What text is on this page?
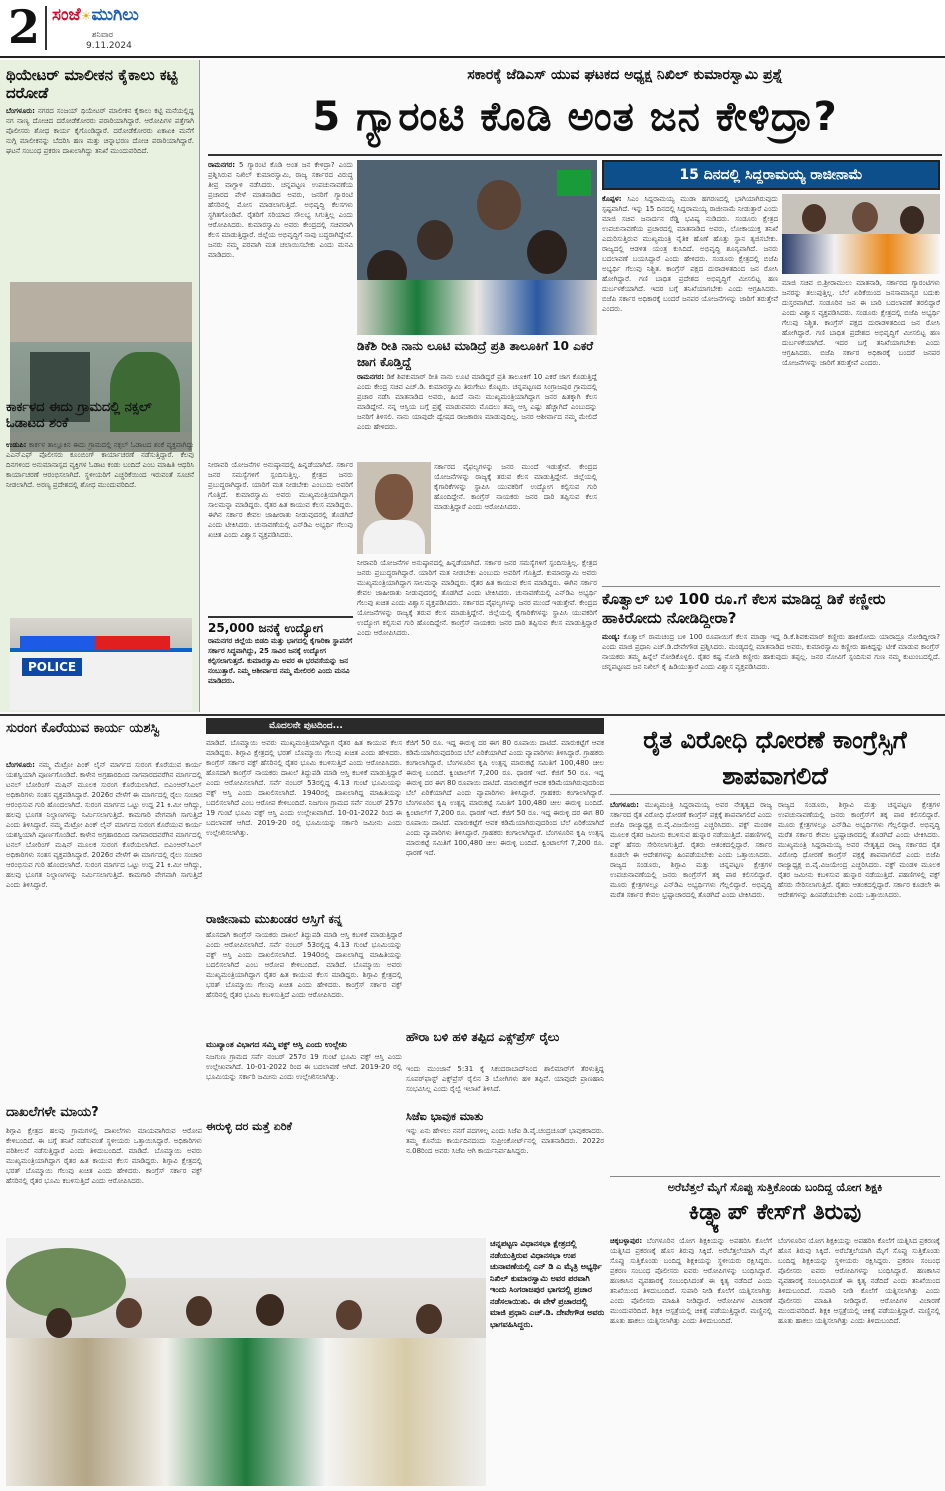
2 ಸಂಜೆ☀ಮುಗಿಲು
ಶನಿವಾರ
9.11.2024
ಥಿಯೇಟರ್ ಮಾಲೀಕನ ಕೈಕಾಲು ಕಟ್ಟಿ ದರೋಡೆ
ಬೆಂಗಳೂರು: ನಗರದ ಸಂಜಯ್ ಥಿಯೇಟರ್ ಮಾಲೀಕನ ಕೈಕಾಲು ಕಟ್ಟಿ ಮನೆಯಲ್ಲಿದ್ದ ನಗ ನಾಣ್ಯ ದೋಚಿದ ದರೋಡೆಕೋರರು ಪರಾರಿಯಾಗಿದ್ದಾರೆ. ಆರೋಪಿಗಳ ಪತ್ತೆಗಾಗಿ ಪೊಲೀಸರು ಶೋಧ ಕಾರ್ಯ ಕೈಗೊಂಡಿದ್ದಾರೆ. ದರೋಡೆಕೋರರು ಏಕಾಏಕಿ ಮನೆಗೆ ನುಗ್ಗಿ ಮಾಲೀಕನನ್ನು ಬೆದರಿಸಿ ಹಣ ಮತ್ತು ಚಿನ್ನಾಭರಣ ದೋಚಿ ಪರಾರಿಯಾಗಿದ್ದಾರೆ. ಘಟನೆ ಸಂಬಂಧ ಪ್ರಕರಣ ದಾಖಲಾಗಿದ್ದು ತನಿಖೆ ಮುಂದುವರಿದಿದೆ.
ಕಾರ್ಕಳದ ಈದು ಗ್ರಾಮದಲ್ಲಿ ನಕ್ಸಲ್ ಓಡಾಟದ ಶಂಕೆ
ಉಡುಪಿ: ಕಾರ್ಕಳ ತಾಲ್ಲೂಕಿನ ಈದು ಗ್ರಾಮದಲ್ಲಿ ನಕ್ಸಲ್ ಓಡಾಟದ ಶಂಕೆ ವ್ಯಕ್ತವಾಗಿದ್ದು ಎಎನ್‌ಎಫ್ ಪೊಲೀಸರು ಕೂಂಬಿಂಗ್ ಕಾರ್ಯಾಚರಣೆ ನಡೆಸುತ್ತಿದ್ದಾರೆ. ಕೆಲವು ದಿನಗಳಿಂದ ಅನುಮಾನಾಸ್ಪದ ವ್ಯಕ್ತಿಗಳ ಓಡಾಟ ಕಂಡು ಬಂದಿದೆ ಎಂಬ ಮಾಹಿತಿ ಆಧರಿಸಿ ಕಾರ್ಯಾಚರಣೆ ಆರಂಭಿಸಲಾಗಿದೆ. ಸ್ಥಳೀಯರಿಗೆ ಎಚ್ಚರಿಕೆಯಿಂದ ಇರುವಂತೆ ಸೂಚನೆ ನೀಡಲಾಗಿದೆ. ಅರಣ್ಯ ಪ್ರದೇಶದಲ್ಲಿ ಶೋಧ ಮುಂದುವರಿದಿದೆ.
POLICE
ಸಕಾರಕ್ಕೆ ಜೆಡಿಎಸ್ ಯುವ ಘಟಕದ ಅಧ್ಯಕ್ಷ ನಿಖಿಲ್ ಕುಮಾರಸ್ವಾಮಿ ಪ್ರಶ್ನೆ
5 ಗ್ಯಾರಂಟಿ ಕೊಡಿ ಅಂತ ಜನ ಕೇಳಿದ್ರಾ?
ರಾಮನಗರ: 5 ಗ್ಯಾರಂಟಿ ಕೊಡಿ ಅಂತ ಜನ ಕೇಳಿದ್ರಾ? ಎಂದು ಪ್ರಶ್ನಿಸಿರುವ ನಿಖಿಲ್ ಕುಮಾರಸ್ವಾಮಿ, ರಾಜ್ಯ ಸರ್ಕಾರದ ವಿರುದ್ಧ ತೀವ್ರ ವಾಗ್ದಾಳಿ ನಡೆಸಿದರು. ಚನ್ನಪಟ್ಟಣ ಉಪಚುನಾವಣೆಯ ಪ್ರಚಾರದ ವೇಳೆ ಮಾತನಾಡಿದ ಅವರು, ಜನರಿಗೆ ಗ್ಯಾರಂಟಿ ಹೆಸರಿನಲ್ಲಿ ಮೋಸ ಮಾಡಲಾಗುತ್ತಿದೆ. ಅಭಿವೃದ್ಧಿ ಕೆಲಸಗಳು ಸ್ಥಗಿತಗೊಂಡಿವೆ. ರೈತರಿಗೆ ಸರಿಯಾದ ಸೌಲಭ್ಯ ಸಿಗುತ್ತಿಲ್ಲ ಎಂದು ಆರೋಪಿಸಿದರು. ಕುಮಾರಸ್ವಾಮಿ ಅವರು ಕೇಂದ್ರದಲ್ಲಿ ಸಚಿವರಾಗಿ ಕೆಲಸ ಮಾಡುತ್ತಿದ್ದಾರೆ. ಜಿಲ್ಲೆಯ ಅಭಿವೃದ್ಧಿಗೆ ನಾವು ಬದ್ಧರಾಗಿದ್ದೇವೆ. ಜನರು ನಮ್ಮ ಪರವಾಗಿ ಮತ ಚಲಾಯಿಸಬೇಕು ಎಂದು ಮನವಿ ಮಾಡಿದರು.
ಡಿಕೆಶಿ ರೀತಿ ನಾನು ಲೂಟಿ ಮಾಡಿದ್ರೆ ಪ್ರತಿ ತಾಲೂಕಿಗೆ 10 ಎಕರೆ ಜಾಗ ಕೊಡ್ತಿದ್ದೆ
ರಾಮನಗರ: ಡಿಕೆ ಶಿವಕುಮಾರ್ ರೀತಿ ನಾನು ಲೂಟಿ ಮಾಡಿದ್ದರೆ ಪ್ರತಿ ತಾಲೂಕಿಗೆ 10 ಎಕರೆ ಜಾಗ ಕೊಡುತ್ತಿದ್ದೆ ಎಂದು ಕೇಂದ್ರ ಸಚಿವ ಎಚ್.ಡಿ. ಕುಮಾರಸ್ವಾಮಿ ತಿರುಗೇಟು ಕೊಟ್ಟರು. ಚನ್ನಪಟ್ಟಣದ ಸಿಂಗ್ರಾಜಪುರ ಗ್ರಾಮದಲ್ಲಿ ಪ್ರಚಾರ ನಡೆಸಿ ಮಾತನಾಡಿದ ಅವರು, ಹಿಂದೆ ನಾನು ಮುಖ್ಯಮಂತ್ರಿಯಾಗಿದ್ದಾಗ ಜನರ ಹಿತಕ್ಕಾಗಿ ಕೆಲಸ ಮಾಡಿದ್ದೇನೆ. ನನ್ನ ಆಸ್ತಿಯ ಬಗ್ಗೆ ಪ್ರಶ್ನೆ ಮಾಡುವವರು ಮೊದಲು ತಮ್ಮ ಆಸ್ತಿ ಎಷ್ಟು ಹೆಚ್ಚಾಗಿದೆ ಎಂಬುದನ್ನು ಜನರಿಗೆ ತಿಳಿಸಲಿ. ನಾನು ಯಾವುದೇ ದ್ವೇಷದ ರಾಜಕಾರಣ ಮಾಡುವುದಿಲ್ಲ. ಜನರ ಆಶೀರ್ವಾದ ನಮ್ಮ ಮೇಲಿದೆ ಎಂದು ಹೇಳಿದರು.
ನೀರಾವರಿ ಯೋಜನೆಗಳ ಅನುಷ್ಠಾನದಲ್ಲಿ ಹಿನ್ನಡೆಯಾಗಿದೆ. ಸರ್ಕಾರ ಜನರ ಸಮಸ್ಯೆಗಳಿಗೆ ಸ್ಪಂದಿಸುತ್ತಿಲ್ಲ. ಕ್ಷೇತ್ರದ ಜನರು ಪ್ರಬುದ್ಧರಾಗಿದ್ದಾರೆ. ಯಾರಿಗೆ ಮತ ನೀಡಬೇಕು ಎಂಬುದು ಅವರಿಗೆ ಗೊತ್ತಿದೆ. ಕುಮಾರಸ್ವಾಮಿ ಅವರು ಮುಖ್ಯಮಂತ್ರಿಯಾಗಿದ್ದಾಗ ಸಾಲಮನ್ನಾ ಮಾಡಿದ್ದರು. ರೈತರ ಹಿತ ಕಾಯುವ ಕೆಲಸ ಮಾಡಿದ್ದರು. ಈಗಿನ ಸರ್ಕಾರ ಕೇವಲ ಜಾಹೀರಾತು ನೀಡುವುದರಲ್ಲಿ ತೊಡಗಿದೆ ಎಂದು ಟೀಕಿಸಿದರು. ಚುನಾವಣೆಯಲ್ಲಿ ಎನ್‌ಡಿಎ ಅಭ್ಯರ್ಥಿ ಗೆಲುವು ಖಚಿತ ಎಂದು ವಿಶ್ವಾಸ ವ್ಯಕ್ತಪಡಿಸಿದರು.
ಸರ್ಕಾರದ ವೈಫಲ್ಯಗಳನ್ನು ಜನರ ಮುಂದೆ ಇಡುತ್ತೇವೆ. ಕೇಂದ್ರದ ಯೋಜನೆಗಳನ್ನು ರಾಜ್ಯಕ್ಕೆ ತರುವ ಕೆಲಸ ಮಾಡುತ್ತಿದ್ದೇನೆ. ಜಿಲ್ಲೆಯಲ್ಲಿ ಕೈಗಾರಿಕೆಗಳನ್ನು ಸ್ಥಾಪಿಸಿ ಯುವಕರಿಗೆ ಉದ್ಯೋಗ ಕಲ್ಪಿಸುವ ಗುರಿ ಹೊಂದಿದ್ದೇನೆ. ಕಾಂಗ್ರೆಸ್ ನಾಯಕರು ಜನರ ದಾರಿ ತಪ್ಪಿಸುವ ಕೆಲಸ ಮಾಡುತ್ತಿದ್ದಾರೆ ಎಂದು ಆರೋಪಿಸಿದರು.
25,000 ಜನಕ್ಕೆ ಉದ್ಯೋಗ
ರಾಮನಗರ ಜಿಲ್ಲೆಯ ಬಿಡದಿ ಮತ್ತು ಭಾಗದಲ್ಲಿ ಕೈಗಾರಿಕಾ ಸ್ಥಾಪನೆಗೆ ಸರ್ಕಾರ ಸಿದ್ಧವಾಗಿದ್ದು, 25 ಸಾವಿರ ಜನಕ್ಕೆ ಉದ್ಯೋಗ ಕಲ್ಪಿಸಲಾಗುತ್ತದೆ. ಕುಮಾರಸ್ವಾಮಿ ಅವರ ಈ ಭರವಸೆಯನ್ನು ಜನ ನಂಬುತ್ತಾರೆ. ನಿಮ್ಮ ಆಶೀರ್ವಾದ ನಮ್ಮ ಮೇಲಿರಲಿ ಎಂದು ಮನವಿ ಮಾಡಿದರು.
ನೀರಾವರಿ ಯೋಜನೆಗಳ ಅನುಷ್ಠಾನದಲ್ಲಿ ಹಿನ್ನಡೆಯಾಗಿದೆ. ಸರ್ಕಾರ ಜನರ ಸಮಸ್ಯೆಗಳಿಗೆ ಸ್ಪಂದಿಸುತ್ತಿಲ್ಲ. ಕ್ಷೇತ್ರದ ಜನರು ಪ್ರಬುದ್ಧರಾಗಿದ್ದಾರೆ. ಯಾರಿಗೆ ಮತ ನೀಡಬೇಕು ಎಂಬುದು ಅವರಿಗೆ ಗೊತ್ತಿದೆ. ಕುಮಾರಸ್ವಾಮಿ ಅವರು ಮುಖ್ಯಮಂತ್ರಿಯಾಗಿದ್ದಾಗ ಸಾಲಮನ್ನಾ ಮಾಡಿದ್ದರು. ರೈತರ ಹಿತ ಕಾಯುವ ಕೆಲಸ ಮಾಡಿದ್ದರು. ಈಗಿನ ಸರ್ಕಾರ ಕೇವಲ ಜಾಹೀರಾತು ನೀಡುವುದರಲ್ಲಿ ತೊಡಗಿದೆ ಎಂದು ಟೀಕಿಸಿದರು. ಚುನಾವಣೆಯಲ್ಲಿ ಎನ್‌ಡಿಎ ಅಭ್ಯರ್ಥಿ ಗೆಲುವು ಖಚಿತ ಎಂದು ವಿಶ್ವಾಸ ವ್ಯಕ್ತಪಡಿಸಿದರು. ಸರ್ಕಾರದ ವೈಫಲ್ಯಗಳನ್ನು ಜನರ ಮುಂದೆ ಇಡುತ್ತೇವೆ. ಕೇಂದ್ರದ ಯೋಜನೆಗಳನ್ನು ರಾಜ್ಯಕ್ಕೆ ತರುವ ಕೆಲಸ ಮಾಡುತ್ತಿದ್ದೇನೆ. ಜಿಲ್ಲೆಯಲ್ಲಿ ಕೈಗಾರಿಕೆಗಳನ್ನು ಸ್ಥಾಪಿಸಿ ಯುವಕರಿಗೆ ಉದ್ಯೋಗ ಕಲ್ಪಿಸುವ ಗುರಿ ಹೊಂದಿದ್ದೇನೆ. ಕಾಂಗ್ರೆಸ್ ನಾಯಕರು ಜನರ ದಾರಿ ತಪ್ಪಿಸುವ ಕೆಲಸ ಮಾಡುತ್ತಿದ್ದಾರೆ ಎಂದು ಆರೋಪಿಸಿದರು.
15 ದಿನದಲ್ಲಿ ಸಿದ್ದರಾಮಯ್ಯ ರಾಜೀನಾಮೆ
ಕೊಪ್ಪಳ: ಸಿಎಂ ಸಿದ್ದರಾಮಯ್ಯ ಮುಡಾ ಹಗರಣದಲ್ಲಿ ಭಾಗಿಯಾಗಿರುವುದು ಸ್ಪಷ್ಟವಾಗಿದೆ. ಇನ್ನು 15 ದಿನದಲ್ಲಿ ಸಿದ್ದರಾಮಯ್ಯ ರಾಜೀನಾಮೆ ನೀಡುತ್ತಾರೆ ಎಂದು ಮಾಜಿ ಸಚಿವ ಜನಾರ್ದನ ರೆಡ್ಡಿ ಭವಿಷ್ಯ ನುಡಿದರು. ಸಂಡೂರು ಕ್ಷೇತ್ರದ ಉಪಚುನಾವಣೆಯ ಪ್ರಚಾರದಲ್ಲಿ ಮಾತನಾಡಿದ ಅವರು, ಲೋಕಾಯುಕ್ತ ತನಿಖೆ ಎದುರಿಸುತ್ತಿರುವ ಮುಖ್ಯಮಂತ್ರಿ ನೈತಿಕ ಹೊಣೆ ಹೊತ್ತು ಸ್ಥಾನ ತ್ಯಜಿಸಬೇಕು. ರಾಜ್ಯದಲ್ಲಿ ಆಡಳಿತ ಯಂತ್ರ ಕುಸಿದಿದೆ. ಅಭಿವೃದ್ಧಿ ಶೂನ್ಯವಾಗಿದೆ. ಜನರು ಬದಲಾವಣೆ ಬಯಸಿದ್ದಾರೆ ಎಂದು ಹೇಳಿದರು. ಸಂಡೂರು ಕ್ಷೇತ್ರದಲ್ಲಿ ಬಿಜೆಪಿ ಅಭ್ಯರ್ಥಿ ಗೆಲುವು ನಿಶ್ಚಿತ. ಕಾಂಗ್ರೆಸ್ ಪಕ್ಷದ ದುರಾಡಳಿತದಿಂದ ಜನ ರೋಸಿ ಹೋಗಿದ್ದಾರೆ. ಗಣಿ ಬಾಧಿತ ಪ್ರದೇಶದ ಅಭಿವೃದ್ಧಿಗೆ ಮೀಸಲಿಟ್ಟ ಹಣ ದುರ್ಬಳಕೆಯಾಗಿದೆ. ಇದರ ಬಗ್ಗೆ ತನಿಖೆಯಾಗಬೇಕು ಎಂದು ಆಗ್ರಹಿಸಿದರು. ಬಿಜೆಪಿ ಸರ್ಕಾರ ಅಧಿಕಾರಕ್ಕೆ ಬಂದರೆ ಜನಪರ ಯೋಜನೆಗಳನ್ನು ಜಾರಿಗೆ ತರುತ್ತೇವೆ ಎಂದರು.
ಮಾಜಿ ಸಚಿವ ಬಿ.ಶ್ರೀರಾಮುಲು ಮಾತನಾಡಿ, ಸರ್ಕಾರದ ಗ್ಯಾರಂಟಿಗಳು ಜನರನ್ನು ತಲುಪುತ್ತಿಲ್ಲ. ಬೆಲೆ ಏರಿಕೆಯಿಂದ ಜನಸಾಮಾನ್ಯರ ಬದುಕು ದುಸ್ತರವಾಗಿದೆ. ಸಂಡೂರಿನ ಜನ ಈ ಬಾರಿ ಬದಲಾವಣೆ ತರಲಿದ್ದಾರೆ ಎಂದು ವಿಶ್ವಾಸ ವ್ಯಕ್ತಪಡಿಸಿದರು. ಸಂಡೂರು ಕ್ಷೇತ್ರದಲ್ಲಿ ಬಿಜೆಪಿ ಅಭ್ಯರ್ಥಿ ಗೆಲುವು ನಿಶ್ಚಿತ. ಕಾಂಗ್ರೆಸ್ ಪಕ್ಷದ ದುರಾಡಳಿತದಿಂದ ಜನ ರೋಸಿ ಹೋಗಿದ್ದಾರೆ. ಗಣಿ ಬಾಧಿತ ಪ್ರದೇಶದ ಅಭಿವೃದ್ಧಿಗೆ ಮೀಸಲಿಟ್ಟ ಹಣ ದುರ್ಬಳಕೆಯಾಗಿದೆ. ಇದರ ಬಗ್ಗೆ ತನಿಖೆಯಾಗಬೇಕು ಎಂದು ಆಗ್ರಹಿಸಿದರು. ಬಿಜೆಪಿ ಸರ್ಕಾರ ಅಧಿಕಾರಕ್ಕೆ ಬಂದರೆ ಜನಪರ ಯೋಜನೆಗಳನ್ನು ಜಾರಿಗೆ ತರುತ್ತೇವೆ ಎಂದರು.
ಕೊತ್ವಾಲ್ ಬಳಿ 100 ರೂ.ಗೆ ಕೆಲಸ ಮಾಡಿದ್ದ ಡಿಕೆ ಕಣ್ಣೀರು ಹಾಕಿರೋದು ನೋಡಿದ್ದೀರಾ?
ಮಂಡ್ಯ: ಕೊತ್ವಾಲ್ ರಾಮಚಂದ್ರ ಬಳಿ 100 ರೂಪಾಯಿಗೆ ಕೆಲಸ ಮಾಡ್ತಾ ಇದ್ದ ಡಿ.ಕೆ.ಶಿವಕುಮಾರ್ ಕಣ್ಣೀರು ಹಾಕಿರೋದು ಯಾರಾದ್ರೂ ನೋಡಿದ್ದೀರಾ? ಎಂದು ಮಾಜಿ ಪ್ರಧಾನಿ ಎಚ್.ಡಿ.ದೇವೇಗೌಡ ಪ್ರಶ್ನಿಸಿದರು. ಮಂಡ್ಯದಲ್ಲಿ ಮಾತನಾಡಿದ ಅವರು, ಕುಮಾರಸ್ವಾಮಿ ಕಣ್ಣೀರು ಹಾಕಿದ್ದನ್ನು ಟೀಕೆ ಮಾಡುವ ಕಾಂಗ್ರೆಸ್ ನಾಯಕರು ತಮ್ಮ ಹಿನ್ನೆಲೆ ನೋಡಿಕೊಳ್ಳಲಿ. ರೈತರ ಕಷ್ಟ ನೋಡಿ ಕಣ್ಣೀರು ಹಾಕುವುದು ತಪ್ಪಲ್ಲ. ಜನರ ನೋವಿಗೆ ಸ್ಪಂದಿಸುವ ಗುಣ ನಮ್ಮ ಕುಟುಂಬದಲ್ಲಿದೆ. ಚನ್ನಪಟ್ಟಣದ ಜನ ನಿಖಿಲ್ ಕೈ ಹಿಡಿಯುತ್ತಾರೆ ಎಂದು ವಿಶ್ವಾಸ ವ್ಯಕ್ತಪಡಿಸಿದರು.
ಸುರಂಗ ಕೊರೆಯುವ ಕಾರ್ಯ ಯಶಸ್ವಿ
ಬೆಂಗಳೂರು: ನಮ್ಮ ಮೆಟ್ರೋ ಪಿಂಕ್ ಲೈನ್ ಮಾರ್ಗದ ಸುರಂಗ ಕೊರೆಯುವ ಕಾರ್ಯ ಯಶಸ್ವಿಯಾಗಿ ಪೂರ್ಣಗೊಂಡಿದೆ. ಕಾಳೇನ ಅಗ್ರಹಾರದಿಂದ ನಾಗವಾರದವರೆಗಿನ ಮಾರ್ಗದಲ್ಲಿ ಟನಲ್ ಬೋರಿಂಗ್ ಮಷಿನ್ ಮೂಲಕ ಸುರಂಗ ಕೊರೆಯಲಾಗಿದೆ. ಬಿಎಂಆರ್‌ಸಿಎಲ್ ಅಧಿಕಾರಿಗಳು ಸಂತಸ ವ್ಯಕ್ತಪಡಿಸಿದ್ದಾರೆ. 2026ರ ವೇಳೆಗೆ ಈ ಮಾರ್ಗದಲ್ಲಿ ರೈಲು ಸಂಚಾರ ಆರಂಭಿಸುವ ಗುರಿ ಹೊಂದಲಾಗಿದೆ. ಸುರಂಗ ಮಾರ್ಗದ ಒಟ್ಟು ಉದ್ದ 21 ಕಿ.ಮೀ ಆಗಿದ್ದು, ಹಲವು ಭೂಗತ ನಿಲ್ದಾಣಗಳನ್ನು ನಿರ್ಮಿಸಲಾಗುತ್ತಿದೆ. ಕಾಮಗಾರಿ ವೇಗವಾಗಿ ಸಾಗುತ್ತಿದೆ ಎಂದು ತಿಳಿಸಿದ್ದಾರೆ. ನಮ್ಮ ಮೆಟ್ರೋ ಪಿಂಕ್ ಲೈನ್ ಮಾರ್ಗದ ಸುರಂಗ ಕೊರೆಯುವ ಕಾರ್ಯ ಯಶಸ್ವಿಯಾಗಿ ಪೂರ್ಣಗೊಂಡಿದೆ. ಕಾಳೇನ ಅಗ್ರಹಾರದಿಂದ ನಾಗವಾರದವರೆಗಿನ ಮಾರ್ಗದಲ್ಲಿ ಟನಲ್ ಬೋರಿಂಗ್ ಮಷಿನ್ ಮೂಲಕ ಸುರಂಗ ಕೊರೆಯಲಾಗಿದೆ. ಬಿಎಂಆರ್‌ಸಿಎಲ್ ಅಧಿಕಾರಿಗಳು ಸಂತಸ ವ್ಯಕ್ತಪಡಿಸಿದ್ದಾರೆ. 2026ರ ವೇಳೆಗೆ ಈ ಮಾರ್ಗದಲ್ಲಿ ರೈಲು ಸಂಚಾರ ಆರಂಭಿಸುವ ಗುರಿ ಹೊಂದಲಾಗಿದೆ. ಸುರಂಗ ಮಾರ್ಗದ ಒಟ್ಟು ಉದ್ದ 21 ಕಿ.ಮೀ ಆಗಿದ್ದು, ಹಲವು ಭೂಗತ ನಿಲ್ದಾಣಗಳನ್ನು ನಿರ್ಮಿಸಲಾಗುತ್ತಿದೆ. ಕಾಮಗಾರಿ ವೇಗವಾಗಿ ಸಾಗುತ್ತಿದೆ ಎಂದು ತಿಳಿಸಿದ್ದಾರೆ.
ದಾಖಲೆಗಳೇ ಮಾಯ?
ಶಿಗ್ಗಾವಿ ಕ್ಷೇತ್ರದ ಹಲವು ಗ್ರಾಮಗಳಲ್ಲಿ ದಾಖಲೆಗಳು ಮಾಯವಾಗಿರುವ ಆರೋಪ ಕೇಳಿಬಂದಿದೆ. ಈ ಬಗ್ಗೆ ತನಿಖೆ ನಡೆಸುವಂತೆ ಸ್ಥಳೀಯರು ಒತ್ತಾಯಿಸಿದ್ದಾರೆ. ಅಧಿಕಾರಿಗಳು ಪರಿಶೀಲನೆ ನಡೆಸುತ್ತಿದ್ದಾರೆ ಎಂದು ತಿಳಿದುಬಂದಿದೆ. ಮಾಡಿದೆ. ಬೊಮ್ಮಾಯಿ ಅವರು ಮುಖ್ಯಮಂತ್ರಿಯಾಗಿದ್ದಾಗ ರೈತರ ಹಿತ ಕಾಯುವ ಕೆಲಸ ಮಾಡಿದ್ದರು. ಶಿಗ್ಗಾವಿ ಕ್ಷೇತ್ರದಲ್ಲಿ ಭರತ್ ಬೊಮ್ಮಾಯಿ ಗೆಲುವು ಖಚಿತ ಎಂದು ಹೇಳಿದರು. ಕಾಂಗ್ರೆಸ್ ಸರ್ಕಾರ ವಕ್ಫ್ ಹೆಸರಿನಲ್ಲಿ ರೈತರ ಭೂಮಿ ಕಬಳಿಸುತ್ತಿದೆ ಎಂದು ಆರೋಪಿಸಿದರು.
ಮೊದಲನೇ ಪುಟದಿಂದ...
ಮಾಡಿದೆ. ಬೊಮ್ಮಾಯಿ ಅವರು ಮುಖ್ಯಮಂತ್ರಿಯಾಗಿದ್ದಾಗ ರೈತರ ಹಿತ ಕಾಯುವ ಕೆಲಸ ಮಾಡಿದ್ದರು. ಶಿಗ್ಗಾವಿ ಕ್ಷೇತ್ರದಲ್ಲಿ ಭರತ್ ಬೊಮ್ಮಾಯಿ ಗೆಲುವು ಖಚಿತ ಎಂದು ಹೇಳಿದರು. ಕಾಂಗ್ರೆಸ್ ಸರ್ಕಾರ ವಕ್ಫ್ ಹೆಸರಿನಲ್ಲಿ ರೈತರ ಭೂಮಿ ಕಬಳಿಸುತ್ತಿದೆ ಎಂದು ಆರೋಪಿಸಿದರು. ಹೊಸದಾಗಿ ಕಾಂಗ್ರೆಸ್ ನಾಯಕರು ದಾಖಲೆ ತಿದ್ದುಪಡಿ ಮಾಡಿ ಆಸ್ತಿ ಕಬಳಿಕೆ ಮಾಡುತ್ತಿದ್ದಾರೆ ಎಂದು ಆರೋಪಿಸಲಾಗಿದೆ. ಸರ್ವೆ ನಂಬರ್ 53ರಲ್ಲಿದ್ದ 4.13 ಗುಂಟೆ ಭೂಮಿಯನ್ನು ವಕ್ಫ್ ಆಸ್ತಿ ಎಂದು ದಾಖಲಿಸಲಾಗಿದೆ. 1940ರಲ್ಲಿ ದಾಖಲಾಗಿದ್ದ ಮಾಹಿತಿಯನ್ನು ಬದಲಿಸಲಾಗಿದೆ ಎಂಬ ಆರೋಪ ಕೇಳಿಬಂದಿದೆ. ನಿಜಗುಣ ಗ್ರಾಮದ ಸರ್ವೆ ನಂಬರ್ 257ರ 19 ಗುಂಟೆ ಭೂಮಿ ವಕ್ಫ್ ಆಸ್ತಿ ಎಂದು ಉಲ್ಲೇಖವಾಗಿದೆ. 10-01-2022 ರಿಂದ ಈ ಬದಲಾವಣೆ ಆಗಿದೆ. 2019-20 ರಲ್ಲಿ ಭೂಮಿಯನ್ನು ಸರ್ಕಾರಿ ಜಮೀನು ಎಂದು ಉಲ್ಲೇಖಿಸಲಾಗಿತ್ತು.
ರಾಜೀನಾಮ ಮುಖಂಡರ ಆಸ್ತಿಗೆ ಕನ್ನ
ಹೊಸದಾಗಿ ಕಾಂಗ್ರೆಸ್ ನಾಯಕರು ದಾಖಲೆ ತಿದ್ದುಪಡಿ ಮಾಡಿ ಆಸ್ತಿ ಕಬಳಿಕೆ ಮಾಡುತ್ತಿದ್ದಾರೆ ಎಂದು ಆರೋಪಿಸಲಾಗಿದೆ. ಸರ್ವೆ ನಂಬರ್ 53ರಲ್ಲಿದ್ದ 4.13 ಗುಂಟೆ ಭೂಮಿಯನ್ನು ವಕ್ಫ್ ಆಸ್ತಿ ಎಂದು ದಾಖಲಿಸಲಾಗಿದೆ. 1940ರಲ್ಲಿ ದಾಖಲಾಗಿದ್ದ ಮಾಹಿತಿಯನ್ನು ಬದಲಿಸಲಾಗಿದೆ ಎಂಬ ಆರೋಪ ಕೇಳಿಬಂದಿದೆ. ಮಾಡಿದೆ. ಬೊಮ್ಮಾಯಿ ಅವರು ಮುಖ್ಯಮಂತ್ರಿಯಾಗಿದ್ದಾಗ ರೈತರ ಹಿತ ಕಾಯುವ ಕೆಲಸ ಮಾಡಿದ್ದರು. ಶಿಗ್ಗಾವಿ ಕ್ಷೇತ್ರದಲ್ಲಿ ಭರತ್ ಬೊಮ್ಮಾಯಿ ಗೆಲುವು ಖಚಿತ ಎಂದು ಹೇಳಿದರು. ಕಾಂಗ್ರೆಸ್ ಸರ್ಕಾರ ವಕ್ಫ್ ಹೆಸರಿನಲ್ಲಿ ರೈತರ ಭೂಮಿ ಕಬಳಿಸುತ್ತಿದೆ ಎಂದು ಆರೋಪಿಸಿದರು.
ಮುಖ್ಯಾಂತ ವಿಭಾಗದ ಸಮ್ಮಿ ವಕ್ಫ್ ಆಸ್ತಿ ಎಂದು ಉಲ್ಲೇಖ
ನಿಜಗುಣ ಗ್ರಾಮದ ಸರ್ವೆ ನಂಬರ್ 257ರ 19 ಗುಂಟೆ ಭೂಮಿ ವಕ್ಫ್ ಆಸ್ತಿ ಎಂದು ಉಲ್ಲೇಖವಾಗಿದೆ. 10-01-2022 ರಿಂದ ಈ ಬದಲಾವಣೆ ಆಗಿದೆ. 2019-20 ರಲ್ಲಿ ಭೂಮಿಯನ್ನು ಸರ್ಕಾರಿ ಜಮೀನು ಎಂದು ಉಲ್ಲೇಖಿಸಲಾಗಿತ್ತು.
ಈರುಳ್ಳಿ ದರ ಮತ್ತೆ ಏರಿಕೆ
ಕೆಜಿಗೆ 50 ರೂ. ಇದ್ದ ಈರುಳ್ಳಿ ದರ ಈಗ 80 ರೂಪಾಯಿ ದಾಟಿದೆ. ಮಾರುಕಟ್ಟೆಗೆ ಆವಕ ಕಡಿಮೆಯಾಗಿರುವುದರಿಂದ ಬೆಲೆ ಏರಿಕೆಯಾಗಿದೆ ಎಂದು ವ್ಯಾಪಾರಿಗಳು ತಿಳಿಸಿದ್ದಾರೆ. ಗ್ರಾಹಕರು ಕಂಗಾಲಾಗಿದ್ದಾರೆ. ಬೆಂಗಳೂರಿನ ಕೃಷಿ ಉತ್ಪನ್ನ ಮಾರುಕಟ್ಟೆ ಸಮಿತಿಗೆ 100,480 ಚೀಲ ಈರುಳ್ಳಿ ಬಂದಿದೆ. ಕ್ವಿಂಟಾಲ್‌ಗೆ 7,200 ರೂ. ಧಾರಣೆ ಇದೆ. ಕೆಜಿಗೆ 50 ರೂ. ಇದ್ದ ಈರುಳ್ಳಿ ದರ ಈಗ 80 ರೂಪಾಯಿ ದಾಟಿದೆ. ಮಾರುಕಟ್ಟೆಗೆ ಆವಕ ಕಡಿಮೆಯಾಗಿರುವುದರಿಂದ ಬೆಲೆ ಏರಿಕೆಯಾಗಿದೆ ಎಂದು ವ್ಯಾಪಾರಿಗಳು ತಿಳಿಸಿದ್ದಾರೆ. ಗ್ರಾಹಕರು ಕಂಗಾಲಾಗಿದ್ದಾರೆ. ಬೆಂಗಳೂರಿನ ಕೃಷಿ ಉತ್ಪನ್ನ ಮಾರುಕಟ್ಟೆ ಸಮಿತಿಗೆ 100,480 ಚೀಲ ಈರುಳ್ಳಿ ಬಂದಿದೆ. ಕ್ವಿಂಟಾಲ್‌ಗೆ 7,200 ರೂ. ಧಾರಣೆ ಇದೆ. ಕೆಜಿಗೆ 50 ರೂ. ಇದ್ದ ಈರುಳ್ಳಿ ದರ ಈಗ 80 ರೂಪಾಯಿ ದಾಟಿದೆ. ಮಾರುಕಟ್ಟೆಗೆ ಆವಕ ಕಡಿಮೆಯಾಗಿರುವುದರಿಂದ ಬೆಲೆ ಏರಿಕೆಯಾಗಿದೆ ಎಂದು ವ್ಯಾಪಾರಿಗಳು ತಿಳಿಸಿದ್ದಾರೆ. ಗ್ರಾಹಕರು ಕಂಗಾಲಾಗಿದ್ದಾರೆ. ಬೆಂಗಳೂರಿನ ಕೃಷಿ ಉತ್ಪನ್ನ ಮಾರುಕಟ್ಟೆ ಸಮಿತಿಗೆ 100,480 ಚೀಲ ಈರುಳ್ಳಿ ಬಂದಿದೆ. ಕ್ವಿಂಟಾಲ್‌ಗೆ 7,200 ರೂ. ಧಾರಣೆ ಇದೆ.
ಹೌರಾ ಬಳಿ ಹಳಿ ತಪ್ಪಿದ ಎಕ್ಸ್‌ಪ್ರೆಸ್ ರೈಲು
ಇಂದು ಮುಂಜಾನೆ 5:31 ಕ್ಕೆ ಸಿಕಂದರಾಬಾದ್‌ನಿಂದ ಶಾಲಿಮಾರ್‌ಗೆ ತೆರಳುತ್ತಿದ್ದ ಸೂಪರ್‌ಫಾಸ್ಟ್ ಎಕ್ಸ್‌ಪ್ರೆಸ್ ರೈಲಿನ 3 ಬೋಗಿಗಳು ಹಳಿ ತಪ್ಪಿವೆ. ಯಾವುದೇ ಪ್ರಾಣಹಾನಿ ಸಂಭವಿಸಿಲ್ಲ ಎಂದು ರೈಲ್ವೆ ಇಲಾಖೆ ತಿಳಿಸಿದೆ.
ಸಿಜೆಐ ಭಾವುಕ ಮಾತು
ಇನ್ನು ಏನು ಹೇಳಲು ನನಗೆ ಪದಗಳಿಲ್ಲ ಎಂದು ಸಿಜೆಐ ಡಿ.ವೈ.ಚಂದ್ರಚೂಡ್ ಭಾವುಕರಾದರು. ತಮ್ಮ ಕೊನೆಯ ಕಾರ್ಯದಿನದಂದು ಸುಪ್ರೀಂಕೋರ್ಟ್‌ನಲ್ಲಿ ಮಾತನಾಡಿದರು. 2022ರ ನ.08ರಿಂದ ಅವರು ಸಿಜೆಐ ಆಗಿ ಕಾರ್ಯನಿರ್ವಹಿಸಿದ್ದರು.
ರೈತ ವಿರೋಧಿ ಧೋರಣೆ ಕಾಂಗ್ರೆಸ್ಸಿಗೆ ಶಾಪವಾಗಲಿದೆ
ಬೆಂಗಳೂರು: ಮುಖ್ಯಮಂತ್ರಿ ಸಿದ್ದರಾಮಯ್ಯ ಅವರ ನೇತೃತ್ವದ ರಾಜ್ಯ ಸರ್ಕಾರದ ರೈತ ವಿರೋಧಿ ಧೋರಣೆ ಕಾಂಗ್ರೆಸ್ ಪಕ್ಷಕ್ಕೆ ಶಾಪವಾಗಲಿದೆ ಎಂದು ಬಿಜೆಪಿ ರಾಜ್ಯಾಧ್ಯಕ್ಷ ಬಿ.ವೈ.ವಿಜಯೇಂದ್ರ ಎಚ್ಚರಿಸಿದರು. ವಕ್ಫ್ ಮಂಡಳಿ ಮೂಲಕ ರೈತರ ಜಮೀನು ಕಬಳಿಸುವ ಹುನ್ನಾರ ನಡೆಯುತ್ತಿದೆ. ಪಹಣಿಗಳಲ್ಲಿ ವಕ್ಫ್ ಹೆಸರು ಸೇರಿಸಲಾಗುತ್ತಿದೆ. ರೈತರು ಆತಂಕದಲ್ಲಿದ್ದಾರೆ. ಸರ್ಕಾರ ಕೂಡಲೇ ಈ ಆದೇಶಗಳನ್ನು ಹಿಂಪಡೆಯಬೇಕು ಎಂದು ಒತ್ತಾಯಿಸಿದರು. ರಾಜ್ಯದ ಸಂಡೂರು, ಶಿಗ್ಗಾವಿ ಮತ್ತು ಚನ್ನಪಟ್ಟಣ ಕ್ಷೇತ್ರಗಳ ಉಪಚುನಾವಣೆಯಲ್ಲಿ ಜನರು ಕಾಂಗ್ರೆಸ್‌ಗೆ ತಕ್ಕ ಪಾಠ ಕಲಿಸಲಿದ್ದಾರೆ. ಮೂರು ಕ್ಷೇತ್ರಗಳಲ್ಲೂ ಎನ್‌ಡಿಎ ಅಭ್ಯರ್ಥಿಗಳು ಗೆಲ್ಲಲಿದ್ದಾರೆ. ಅಭಿವೃದ್ಧಿ ಮರೆತ ಸರ್ಕಾರ ಕೇವಲ ಭ್ರಷ್ಟಾಚಾರದಲ್ಲಿ ತೊಡಗಿದೆ ಎಂದು ಟೀಕಿಸಿದರು.
ರಾಜ್ಯದ ಸಂಡೂರು, ಶಿಗ್ಗಾವಿ ಮತ್ತು ಚನ್ನಪಟ್ಟಣ ಕ್ಷೇತ್ರಗಳ ಉಪಚುನಾವಣೆಯಲ್ಲಿ ಜನರು ಕಾಂಗ್ರೆಸ್‌ಗೆ ತಕ್ಕ ಪಾಠ ಕಲಿಸಲಿದ್ದಾರೆ. ಮೂರು ಕ್ಷೇತ್ರಗಳಲ್ಲೂ ಎನ್‌ಡಿಎ ಅಭ್ಯರ್ಥಿಗಳು ಗೆಲ್ಲಲಿದ್ದಾರೆ. ಅಭಿವೃದ್ಧಿ ಮರೆತ ಸರ್ಕಾರ ಕೇವಲ ಭ್ರಷ್ಟಾಚಾರದಲ್ಲಿ ತೊಡಗಿದೆ ಎಂದು ಟೀಕಿಸಿದರು. ಮುಖ್ಯಮಂತ್ರಿ ಸಿದ್ದರಾಮಯ್ಯ ಅವರ ನೇತೃತ್ವದ ರಾಜ್ಯ ಸರ್ಕಾರದ ರೈತ ವಿರೋಧಿ ಧೋರಣೆ ಕಾಂಗ್ರೆಸ್ ಪಕ್ಷಕ್ಕೆ ಶಾಪವಾಗಲಿದೆ ಎಂದು ಬಿಜೆಪಿ ರಾಜ್ಯಾಧ್ಯಕ್ಷ ಬಿ.ವೈ.ವಿಜಯೇಂದ್ರ ಎಚ್ಚರಿಸಿದರು. ವಕ್ಫ್ ಮಂಡಳಿ ಮೂಲಕ ರೈತರ ಜಮೀನು ಕಬಳಿಸುವ ಹುನ್ನಾರ ನಡೆಯುತ್ತಿದೆ. ಪಹಣಿಗಳಲ್ಲಿ ವಕ್ಫ್ ಹೆಸರು ಸೇರಿಸಲಾಗುತ್ತಿದೆ. ರೈತರು ಆತಂಕದಲ್ಲಿದ್ದಾರೆ. ಸರ್ಕಾರ ಕೂಡಲೇ ಈ ಆದೇಶಗಳನ್ನು ಹಿಂಪಡೆಯಬೇಕು ಎಂದು ಒತ್ತಾಯಿಸಿದರು.
ಅರೆಬೆತ್ತಲೆ ಮೈಗೆ ಸೊಪ್ಪು ಸುತ್ತಿಕೊಂಡು ಬಂದಿದ್ದ ಯೋಗ ಶಿಕ್ಷಕಿ
ಕಿಡ್ನ್ಯಾಪ್ ಕೇಸ್‌ಗೆ ತಿರುವು
ಚಿಕ್ಕಬಳ್ಳಾಪುರ: ಬೆಂಗಳೂರಿನ ಯೋಗ ಶಿಕ್ಷಕಿಯನ್ನು ಅಪಹರಿಸಿ ಕೊಲೆಗೆ ಯತ್ನಿಸಿದ ಪ್ರಕರಣಕ್ಕೆ ಹೊಸ ತಿರುವು ಸಿಕ್ಕಿದೆ. ಅರೆಬೆತ್ತಲೆಯಾಗಿ ಮೈಗೆ ಸೊಪ್ಪು ಸುತ್ತಿಕೊಂಡು ಬಂದಿದ್ದ ಶಿಕ್ಷಕಿಯನ್ನು ಸ್ಥಳೀಯರು ರಕ್ಷಿಸಿದ್ದರು. ಪ್ರಕರಣ ಸಂಬಂಧ ಪೊಲೀಸರು ಐವರು ಆರೋಪಿಗಳನ್ನು ಬಂಧಿಸಿದ್ದಾರೆ. ಹಣಕಾಸಿನ ವ್ಯವಹಾರಕ್ಕೆ ಸಂಬಂಧಿಸಿದಂತೆ ಈ ಕೃತ್ಯ ನಡೆದಿದೆ ಎಂದು ತನಿಖೆಯಿಂದ ತಿಳಿದುಬಂದಿದೆ. ಸುಪಾರಿ ನೀಡಿ ಕೊಲೆಗೆ ಯತ್ನಿಸಲಾಗಿತ್ತು ಎಂದು ಪೊಲೀಸರು ಮಾಹಿತಿ ನೀಡಿದ್ದಾರೆ. ಆರೋಪಿಗಳ ವಿಚಾರಣೆ ಮುಂದುವರಿದಿದೆ. ಶಿಕ್ಷಕಿ ಆಸ್ಪತ್ರೆಯಲ್ಲಿ ಚಿಕಿತ್ಸೆ ಪಡೆಯುತ್ತಿದ್ದಾರೆ. ಮಣ್ಣಿನಲ್ಲಿ ಹೂತು ಹಾಕಲು ಯತ್ನಿಸಲಾಗಿತ್ತು ಎಂದು ತಿಳಿದುಬಂದಿದೆ.
ಬೆಂಗಳೂರಿನ ಯೋಗ ಶಿಕ್ಷಕಿಯನ್ನು ಅಪಹರಿಸಿ ಕೊಲೆಗೆ ಯತ್ನಿಸಿದ ಪ್ರಕರಣಕ್ಕೆ ಹೊಸ ತಿರುವು ಸಿಕ್ಕಿದೆ. ಅರೆಬೆತ್ತಲೆಯಾಗಿ ಮೈಗೆ ಸೊಪ್ಪು ಸುತ್ತಿಕೊಂಡು ಬಂದಿದ್ದ ಶಿಕ್ಷಕಿಯನ್ನು ಸ್ಥಳೀಯರು ರಕ್ಷಿಸಿದ್ದರು. ಪ್ರಕರಣ ಸಂಬಂಧ ಪೊಲೀಸರು ಐವರು ಆರೋಪಿಗಳನ್ನು ಬಂಧಿಸಿದ್ದಾರೆ. ಹಣಕಾಸಿನ ವ್ಯವಹಾರಕ್ಕೆ ಸಂಬಂಧಿಸಿದಂತೆ ಈ ಕೃತ್ಯ ನಡೆದಿದೆ ಎಂದು ತನಿಖೆಯಿಂದ ತಿಳಿದುಬಂದಿದೆ. ಸುಪಾರಿ ನೀಡಿ ಕೊಲೆಗೆ ಯತ್ನಿಸಲಾಗಿತ್ತು ಎಂದು ಪೊಲೀಸರು ಮಾಹಿತಿ ನೀಡಿದ್ದಾರೆ. ಆರೋಪಿಗಳ ವಿಚಾರಣೆ ಮುಂದುವರಿದಿದೆ. ಶಿಕ್ಷಕಿ ಆಸ್ಪತ್ರೆಯಲ್ಲಿ ಚಿಕಿತ್ಸೆ ಪಡೆಯುತ್ತಿದ್ದಾರೆ. ಮಣ್ಣಿನಲ್ಲಿ ಹೂತು ಹಾಕಲು ಯತ್ನಿಸಲಾಗಿತ್ತು ಎಂದು ತಿಳಿದುಬಂದಿದೆ.
ಚನ್ನಪಟ್ಟಣ ವಿಧಾನಸಭಾ ಕ್ಷೇತ್ರದಲ್ಲಿ ನಡೆಯುತ್ತಿರುವ ವಿಧಾನಸಭಾ ಉಪ ಚುನಾವಣೆಯಲ್ಲಿ ಎನ್ ಡಿ ಎ ಮೈತ್ರಿ ಅಭ್ಯರ್ಥಿ ನಿಖಿಲ್ ಕುಮಾರಸ್ವಾಮಿ ಅವರ ಪರವಾಗಿ ಇಂದು ಸಿಂಗರಾಜಪುರ ಭಾಗದಲ್ಲಿ ಪ್ರಚಾರ ನಡೆಸಲಾಯಿತು. ಈ ವೇಳೆ ಪ್ರಚಾರದಲ್ಲಿ ಮಾಜಿ ಪ್ರಧಾನಿ ಎಚ್.ಡಿ. ದೇವೇಗೌಡ ಅವರು ಭಾಗವಹಿಸಿದ್ದರು.
